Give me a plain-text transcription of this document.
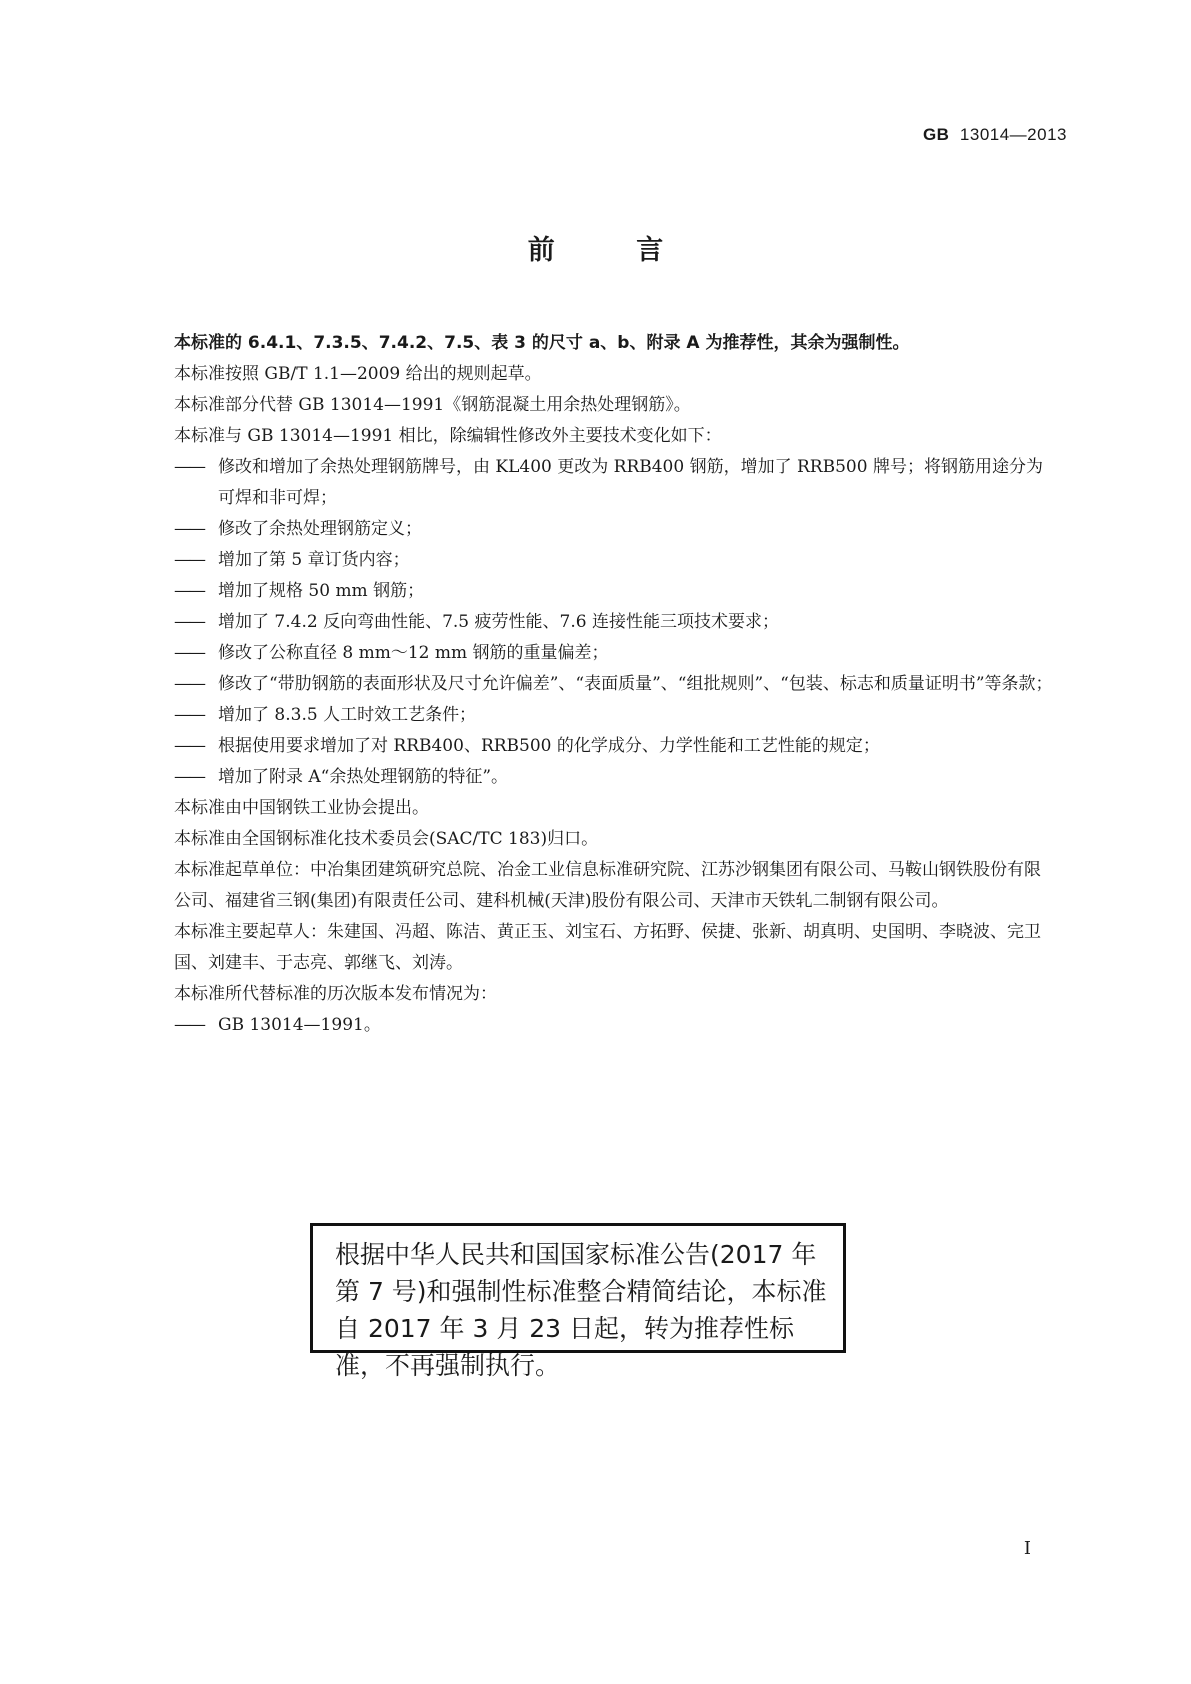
GB 13014—2013
前 言

本标准的 6.4.1、7.3.5、7.4.2、7.5、表 3 的尺寸 a、b、附录 A 为推荐性，其余为强制性。

本标准按照 GB/T 1.1—2009 给出的规则起草。

本标准部分代替 GB 13014—1991《钢筋混凝土用余热处理钢筋》。

本标准与 GB 13014—1991 相比，除编辑性修改外主要技术变化如下：

—— 修改和增加了余热处理钢筋牌号，由 KL400 更改为 RRB400 钢筋，增加了 RRB500 牌号；将钢筋用途分为可焊和非可焊；

—— 修改了余热处理钢筋定义；

—— 增加了第 5 章订货内容；

—— 增加了规格 50 mm 钢筋；

—— 增加了 7.4.2 反向弯曲性能、7.5 疲劳性能、7.6 连接性能三项技术要求；

—— 修改了公称直径 8 mm～12 mm 钢筋的重量偏差；

—— 修改了“带肋钢筋的表面形状及尺寸允许偏差”、“表面质量”、“组批规则”、“包装、标志和质量证明书”等条款；

—— 增加了 8.3.5 人工时效工艺条件；

—— 根据使用要求增加了对 RRB400、RRB500 的化学成分、力学性能和工艺性能的规定；

—— 增加了附录 A“余热处理钢筋的特征”。

本标准由中国钢铁工业协会提出。

本标准由全国钢标准化技术委员会(SAC/TC 183)归口。

本标准起草单位：中冶集团建筑研究总院、冶金工业信息标准研究院、江苏沙钢集团有限公司、马鞍山钢铁股份有限公司、福建省三钢(集团)有限责任公司、建科机械(天津)股份有限公司、天津市天铁轧二制钢有限公司。

本标准主要起草人：朱建国、冯超、陈洁、黄正玉、刘宝石、方拓野、侯捷、张新、胡真明、史国明、李晓波、完卫国、刘建丰、于志亮、郭继飞、刘涛。

本标准所代替标准的历次版本发布情况为：

—— GB 13014—1991。

根据中华人民共和国国家标准公告(2017 年第 7 号)和强制性标准整合精简结论，本标准自 2017 年 3 月 23 日起，转为推荐性标准，不再强制执行。
I
